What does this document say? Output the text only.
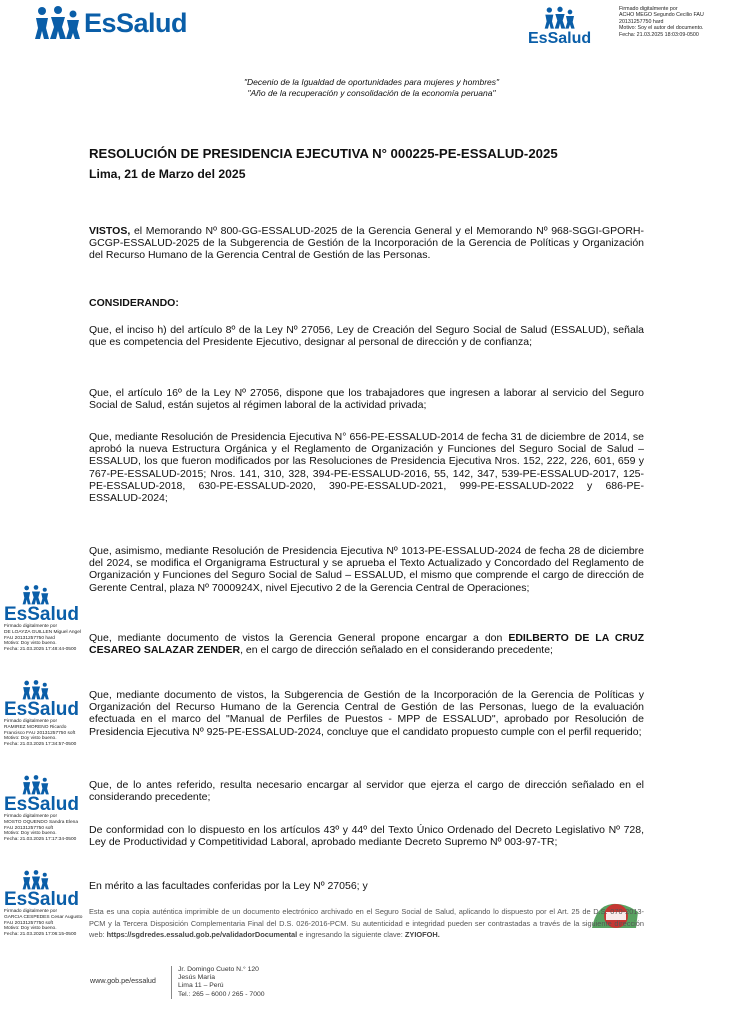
EsSalud
EsSalud
Firmado digitalmente por
ACHO MEGO Segundo Cecilio FAU
20131257750 hard
Motivo: Soy el autor del documento.
Fecha: 21.03.2025 18:03:09-0500
"Decenio de la Igualdad de oportunidades para mujeres y hombres"
"Año de la recuperación y consolidación de la economía peruana"
RESOLUCIÓN DE PRESIDENCIA EJECUTIVA N° 000225-PE-ESSALUD-2025
Lima, 21 de Marzo del 2025

VISTOS, el Memorando Nº 800-GG-ESSALUD-2025 de la Gerencia General y el Memorando Nº 968-SGGI-GPORH-GCGP-ESSALUD-2025 de la Subgerencia de Gestión de la Incorporación de la Gerencia de Políticas y Organización del Recurso Humano de la Gerencia Central de Gestión de las Personas.

CONSIDERANDO:
Que, el inciso h) del artículo 8º de la Ley Nº 27056, Ley de Creación del Seguro Social de Salud (ESSALUD), señala que es competencia del Presidente Ejecutivo, designar al personal de dirección y de confianza;
Que, el artículo 16º de la Ley Nº 27056, dispone que los trabajadores que ingresen a laborar al servicio del Seguro Social de Salud, están sujetos al régimen laboral de la actividad privada;
Que, mediante Resolución de Presidencia Ejecutiva N° 656-PE-ESSALUD-2014 de fecha 31 de diciembre de 2014, se aprobó la nueva Estructura Orgánica y el Reglamento de Organización y Funciones del Seguro Social de Salud – ESSALUD, los que fueron modificados por las Resoluciones de Presidencia Ejecutiva Nros. 152, 222, 226, 601, 659 y 767-PE-ESSALUD-2015; Nros. 141, 310, 328, 394-PE-ESSALUD-2016, 55, 142, 347, 539-PE-ESSALUD-2017, 125-PE-ESSALUD-2018, 630-PE-ESSALUD-2020, 390-PE-ESSALUD-2021, 999-PE-ESSALUD-2022 y 686-PE-ESSALUD-2024;
Que, asimismo, mediante Resolución de Presidencia Ejecutiva Nº 1013-PE-ESSALUD-2024 de fecha 28 de diciembre del 2024, se modifica el Organigrama Estructural y se aprueba el Texto Actualizado y Concordado del Reglamento de Organización y Funciones del Seguro Social de Salud – ESSALUD, el mismo que comprende el cargo de dirección de Gerente Central, plaza Nº 7000924X, nivel Ejecutivo 2 de la Gerencia Central de Operaciones;

Que, mediante documento de vistos la Gerencia General propone encargar a don EDILBERTO DE LA CRUZ CESAREO SALAZAR ZENDER, en el cargo de dirección señalado en el considerando precedente;

Que, mediante documento de vistos, la Subgerencia de Gestión de la Incorporación de la Gerencia de Políticas y Organización del Recurso Humano de la Gerencia Central de Gestión de las Personas, luego de la evaluación efectuada en el marco del "Manual de Perfiles de Puestos - MPP de ESSALUD", aprobado por Resolución de Presidencia Ejecutiva Nº 925-PE-ESSALUD-2024, concluye que el candidato propuesto cumple con el perfil requerido;
Que, de lo antes referido, resulta necesario encargar al servidor que ejerza el cargo de dirección señalado en el considerando precedente;
De conformidad con lo dispuesto en los artículos 43º y 44º del Texto Único Ordenado del Decreto Legislativo Nº 728, Ley de Productividad y Competitividad Laboral, aprobado mediante Decreto Supremo Nº 003-97-TR;
En mérito a las facultades conferidas por la Ley Nº 27056; y
EsSalud
Firmado digitalmente por
DE LOAYZA GUILLEN Miguel Angel
FAU 20131257750 hard
Motivo: Doy visto bueno.
Fecha: 21.03.2025 17:48:44-0500
EsSalud
Firmado digitalmente por
RAMIREZ MORENO Ricardo
Francisco FAU 20131257750 soft
Motivo: Doy visto bueno.
Fecha: 21.03.2025 17:34:57-0500
EsSalud
Firmado digitalmente por
MOSTO OQUENDO Sandra Elena
FAU 20131257750 soft
Motivo: Doy visto bueno.
Fecha: 21.03.2025 17:17:34-0500
EsSalud
Firmado digitalmente por
GARCIA CESPEDES Cesar Augusto
FAU 20131257750 soft
Motivo: Doy visto bueno.
Fecha: 21.03.2025 17:06:15-0500
Esta es una copia auténtica imprimible de un documento electrónico archivado en el Seguro Social de Salud, aplicando lo dispuesto por el Art. 25 de D.S. 070-2013-PCM y la Tercera Disposición Complementaria Final del D.S. 026-2016-PCM. Su autenticidad e integridad pueden ser contrastadas a través de la siguiente dirección web: https://sgdredes.essalud.gob.pe/validadorDocumental e ingresando la siguiente clave: ZYIOFOH.
www.gob.pe/essalud
Jr. Domingo Cueto N.° 120
Jesús María
Lima 11 – Perú
Tel.: 265 – 6000 / 265 - 7000
